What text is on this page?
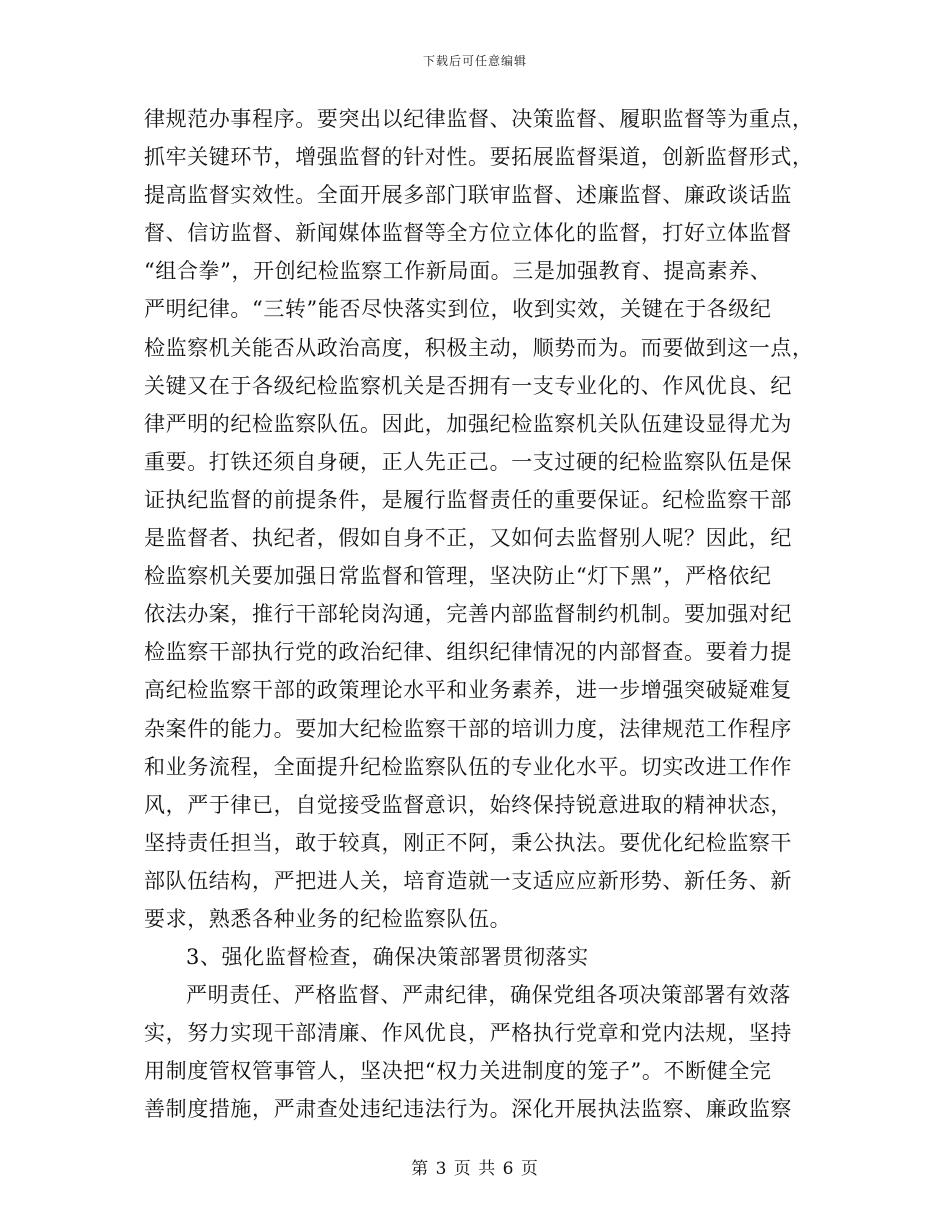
下载后可任意编辑
律规范办事程序。要突出以纪律监督、决策监督、履职监督等为重点，
抓牢关键环节，增强监督的针对性。要拓展监督渠道，创新监督形式，
提高监督实效性。全面开展多部门联审监督、述廉监督、廉政谈话监
督、信访监督、新闻媒体监督等全方位立体化的监督，打好立体监督
“组合拳”，开创纪检监察工作新局面。三是加强教育、提高素养、
严明纪律。“三转”能否尽快落实到位，收到实效，关键在于各级纪
检监察机关能否从政治高度，积极主动，顺势而为。而要做到这一点，
关键又在于各级纪检监察机关是否拥有一支专业化的、作风优良、纪
律严明的纪检监察队伍。因此，加强纪检监察机关队伍建设显得尤为
重要。打铁还须自身硬，正人先正己。一支过硬的纪检监察队伍是保
证执纪监督的前提条件，是履行监督责任的重要保证。纪检监察干部
是监督者、执纪者，假如自身不正，又如何去监督别人呢？因此，纪
检监察机关要加强日常监督和管理，坚决防止“灯下黑”，严格依纪
依法办案，推行干部轮岗沟通，完善内部监督制约机制。要加强对纪
检监察干部执行党的政治纪律、组织纪律情况的内部督查。要着力提
高纪检监察干部的政策理论水平和业务素养，进一步增强突破疑难复
杂案件的能力。要加大纪检监察干部的培训力度，法律规范工作程序
和业务流程，全面提升纪检监察队伍的专业化水平。切实改进工作作
风，严于律已，自觉接受监督意识，始终保持锐意进取的精神状态，
坚持责任担当，敢于较真，刚正不阿，秉公执法。要优化纪检监察干
部队伍结构，严把进人关，培育造就一支适应应新形势、新任务、新
要求，熟悉各种业务的纪检监察队伍。
3、强化监督检查，确保决策部署贯彻落实
严明责任、严格监督、严肃纪律，确保党组各项决策部署有效落
实，努力实现干部清廉、作风优良，严格执行党章和党内法规，坚持
用制度管权管事管人，坚决把“权力关进制度的笼子”。不断健全完
善制度措施，严肃查处违纪违法行为。深化开展执法监察、廉政监察
第 3 页 共 6 页
